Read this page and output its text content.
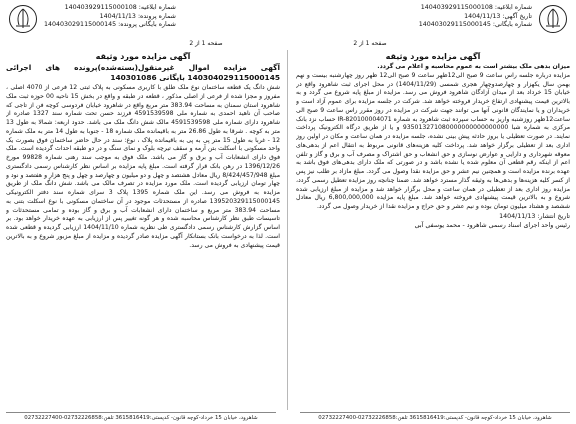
شماره ابلاغیه: 140403929115000108
شماره پرونده: 1404/11/13
شماره بایگانی پرونده: 140403029115000145
شماره ابلاغیه: 140403929115000108
تاریخ آگهی: 1404/11/13
شماره بایگانی: 140403029115000145
صفحه 1 از 2	صفحه 1 از 2
آگهی مزایده مورد وثیقه

میزان بدهی ملک بیشتر است به عموم محاسبه و اعلام می گردد.

مزایده درباره جلسه راس ساعت 9 صبح الی12ظهر ساعت 9 صبح الی12 ظهر روز چهارشنبه بیست و نهم بهمن سال یکهزار و چهارصدوچهار هجری شمسی (1404/11/29) در محل اجرای ثبت شاهرود واقع در خیابان 15 خرداد بعد از میدان آزادگان شاهرود فروش می رسد. مزایده از مبلغ پایه شروع می گردد و به بالاترین قیمت پیشنهادی ارتفاع خریدار فروخته خواهد شد. شرکت در جلسه مزایده برای عموم آزاد است و خریداران و یا نمایندگان قانونی آنها می توانند جهت شرکت در مزایده در روز مقرر راس ساعت 9 صبح الی ساعت12ظهر روزشنبه واریز به حساب سپرده ثبت شاهرود به شماره IR-820100004071 حساب نزد بانک مرکزی به شماره شبا 935013271080000000000000000 و یا از طریق درگاه الکترونیک پرداخت نمایند. در صورت تعطیلی یا بروز حادثه پیش بینی نشده، جلسه مزایده در همان ساعت و مکان در اولین روز اداری بعد از تعطیلی برگزار خواهد شد. پرداخت کلیه هزینه‌های قانونی مربوط به انتقال اعم از بدهی‌های معوقه شهرداری و دارایی و عوارض نوسازی و حق انشعاب و حق اشتراک و مصرف آب و برق و گاز و تلفن اعم از اینکه رقم قطعی آن معلوم شده یا نشده باشد و در صورتی که ملک دارای بدهی‌های فوق باشد به عهده برنده مزایده است و همچنین نیم عشر و حق مزایده نقدا وصول می گردد. مبلغ مازاد بر طلب نیز پس از کسر کلیه هزینه‌ها و بدهی‌ها به وثیقه گذار مسترد خواهد شد. ضمنا چنانچه روز مزایده تعطیل رسمی گردد، مزایده روز اداری بعد از تعطیلی در همان ساعت و محل برگزار خواهد شد و مزایده از مبلغ ارزیابی شده شروع و به بالاترین قیمت پیشنهادی فروخته خواهد شد. مبلغ پایه مزایده 6,800,000,000 ریال معادل ششصد و هشتاد میلیون تومان بوده و نیم عشر و حق حراج و مزایده نقدا از خریدار وصول می گردد.

تاریخ انتشار: 1404/11/13
رئیس واحد اجرای اسناد رسمی شاهرود - محمد یوسفی آبی
آگهی مزایده مورد وثیقه
آگهی مزایده اموال غیرمنقول(بسته‌شده)پرونده های اجرائی 140304029115000145 بایگانی 140301086

شش دانگ یک قطعه ساختمان نوع ملک طلق با کاربری مسکونی به پلاک ثبتی 12 فرعی از 4070 اصلی ، مفروز و مجزا شده از فرعی از اصلی مذکور ، قطعه در طبقه و واقع در بخش 15 ناحیه 00 حوزه ثبت ملک شاهرود استان سمنان به مساحت 383.94 متر مربع واقع در شاهرود خیابان فردوسی کوچه فن از تاجی که صاحب آن ناهید احمدی به شماره ملی 4591539598 فرزند حسن تحت شماره سند 1327 صادره از شاهرود دارای شماره ملی 4591539598 مالک شش دانگ ملک می باشد. حدود اربعه: شمالا به طول 13 متر به کوچه . شرقا به طول 26.86 متر به باقیمانده ملک شماره 18 - جنوبا به طول 14 متر به ملک شماره 12 - غربا به طول 15 متر پی به پی به باقیمانده پلاک ، نوع: سند در حال حاضر ساختمان فوق بصورت یک واحد مسکونی با اسکلت بتن آرمه و سقف تیرچه بلوک و نمای سنگ و در دو طبقه احداث گردیده است. ملک فوق دارای انشعابات آب و برق و گاز می باشد. ملک فوق به موجب سند رهنی شماره 99828 مورخ 1396/12/26 در رهن بانک قرار گرفته است. مبلغ پایه مزایده بر اساس نظر کارشناس رسمی دادگستری مبلغ 8/424/457/948 ریال معادل هشتصد و چهل و دو میلیون و چهارصد و چهل و پنج هزار و هفتصد و نود و چهار تومان ارزیابی گردیده است. ملک مورد مزایده در تصرف مالک می باشد. شش دانگ ملک از طریق مزایده به فروش می رسد. این ملک شماره 1395 پلاک 3 سرای شماره سند دفتر الکترونیکی 139520329115000145 صادره از مستحدثات موجود در آن ساختمان مسکونی با نوع اسکلت بتنی به مساحت 383.94 متر مربع و ساختمان دارای انشعابات آب و برق و گاز بوده و تمامی مستحدثات و تاسیسات طبق نظر کارشناس محاسبه شده و هر گونه تغییر پس از ارزیابی به عهده خریدار خواهد بود. بر اساس گزارش کارشناس رسمی دادگستری طی نظریه شماره 1404/11/10 ارزیابی گردیده و قطعی شده است. لذا به درخواست بانک بستانکار آگهی مزایده صادر گردیده و مزایده از مبلغ مزبور شروع و به بالاترین قیمت پیشنهادی به فروش می رسد.

شاهرود، خیابان 15 خرداد-کوچه قانون- کدپستی:3615816419 تلفن:02732226858-02732227400	شاهرود، خیابان 15 خرداد-کوچه قانون- کدپستی:3615816419 تلفن:02732226858-02732227400
